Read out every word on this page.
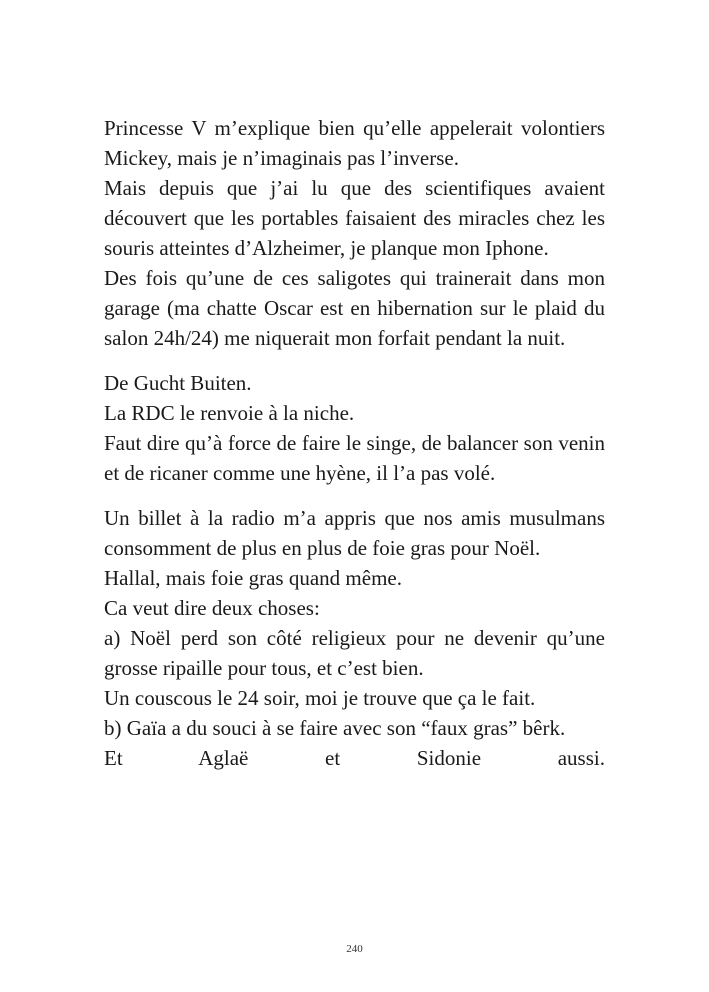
Princesse V m’explique bien qu’elle appelerait volontiers Mickey, mais je n’imaginais pas l’inverse.

Mais depuis que j’ai lu que des scientifiques avaient découvert que les portables faisaient des miracles chez les souris atteintes d’Alzheimer, je planque mon Iphone.

Des fois qu’une de ces saligotes qui trainerait dans mon garage (ma chatte Oscar est en hibernation sur le plaid du salon 24h/24) me niquerait mon forfait pendant la nuit.

De Gucht Buiten.

La RDC le renvoie à la niche.

Faut dire qu’à force de faire le singe, de balancer son venin et de ricaner comme une hyène, il l’a pas volé.

Un billet à la radio m’a appris que nos amis musulmans consomment de plus en plus de foie gras pour Noël.

Hallal, mais foie gras quand même.

Ca veut dire deux choses:

a) Noël perd son côté religieux pour ne devenir qu’une grosse ripaille pour tous, et c’est bien.

Un couscous le 24 soir, moi je trouve que ça le fait.

b) Gaïa a du souci à se faire avec son “faux gras” bêrk.

Et Aglaë et Sidonie aussi.

240
